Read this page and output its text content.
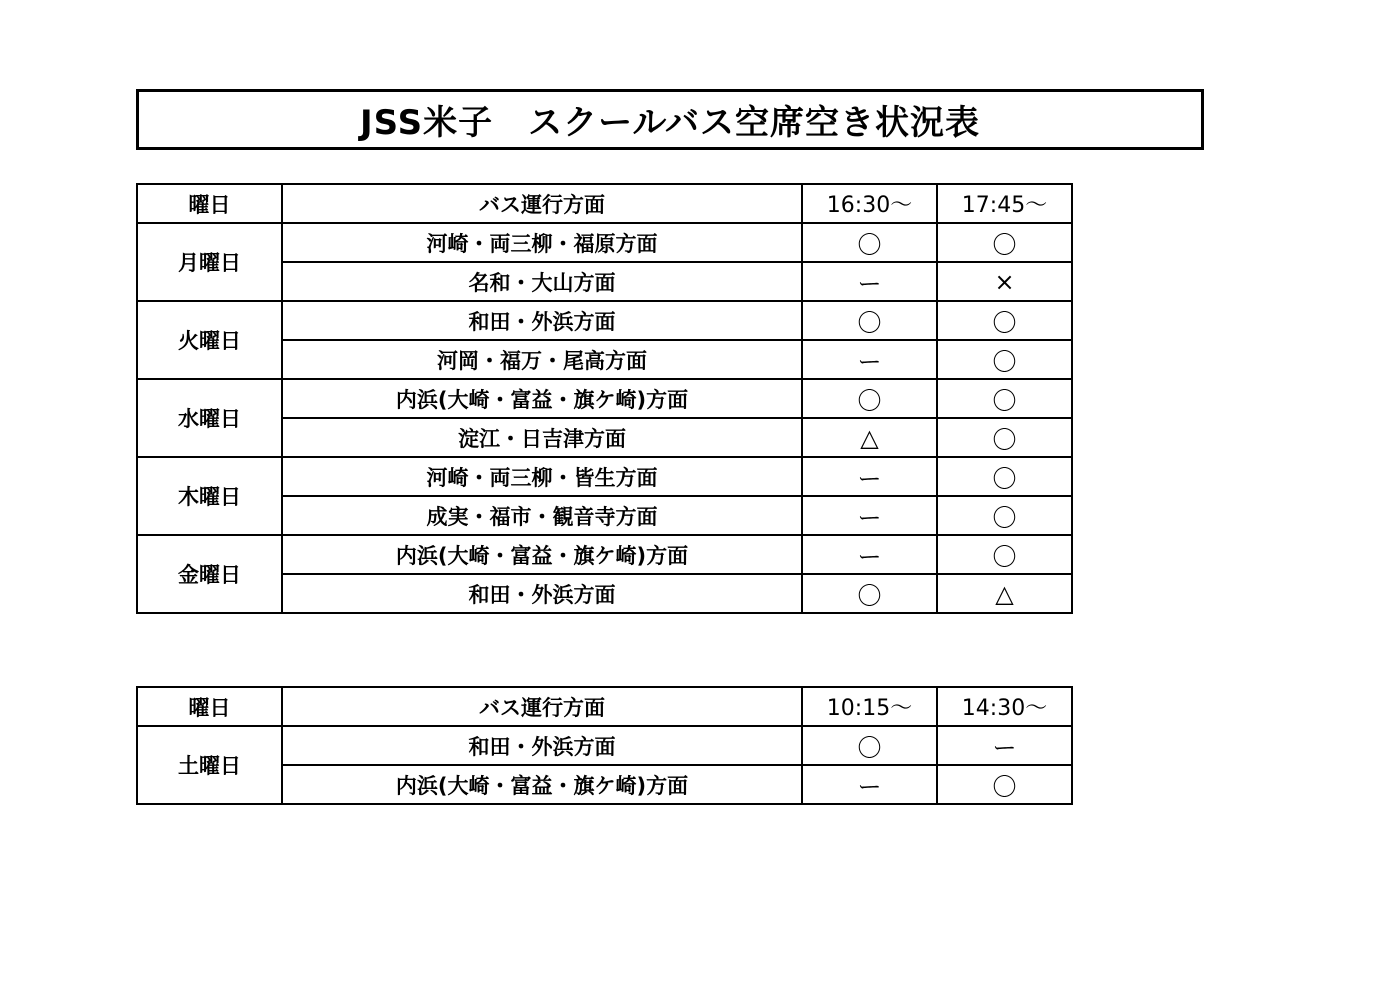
JSS米子　スクールバス空席空き状況表
曜日	バス運行方面	16:30～	17:45～
月曜日	河崎・両三柳・福原方面	〇	〇
	名和・大山方面	ー	×
火曜日	和田・外浜方面	〇	〇
	河岡・福万・尾高方面	ー	〇
水曜日	内浜(大崎・富益・旗ケ崎)方面	〇	〇
	淀江・日吉津方面	△	〇
木曜日	河崎・両三柳・皆生方面	ー	〇
	成実・福市・観音寺方面	ー	〇
金曜日	内浜(大崎・富益・旗ケ崎)方面	ー	〇
	和田・外浜方面	〇	△
曜日	バス運行方面	10:15～	14:30～
土曜日	和田・外浜方面	〇	ー
	内浜(大崎・富益・旗ケ崎)方面	ー	〇
